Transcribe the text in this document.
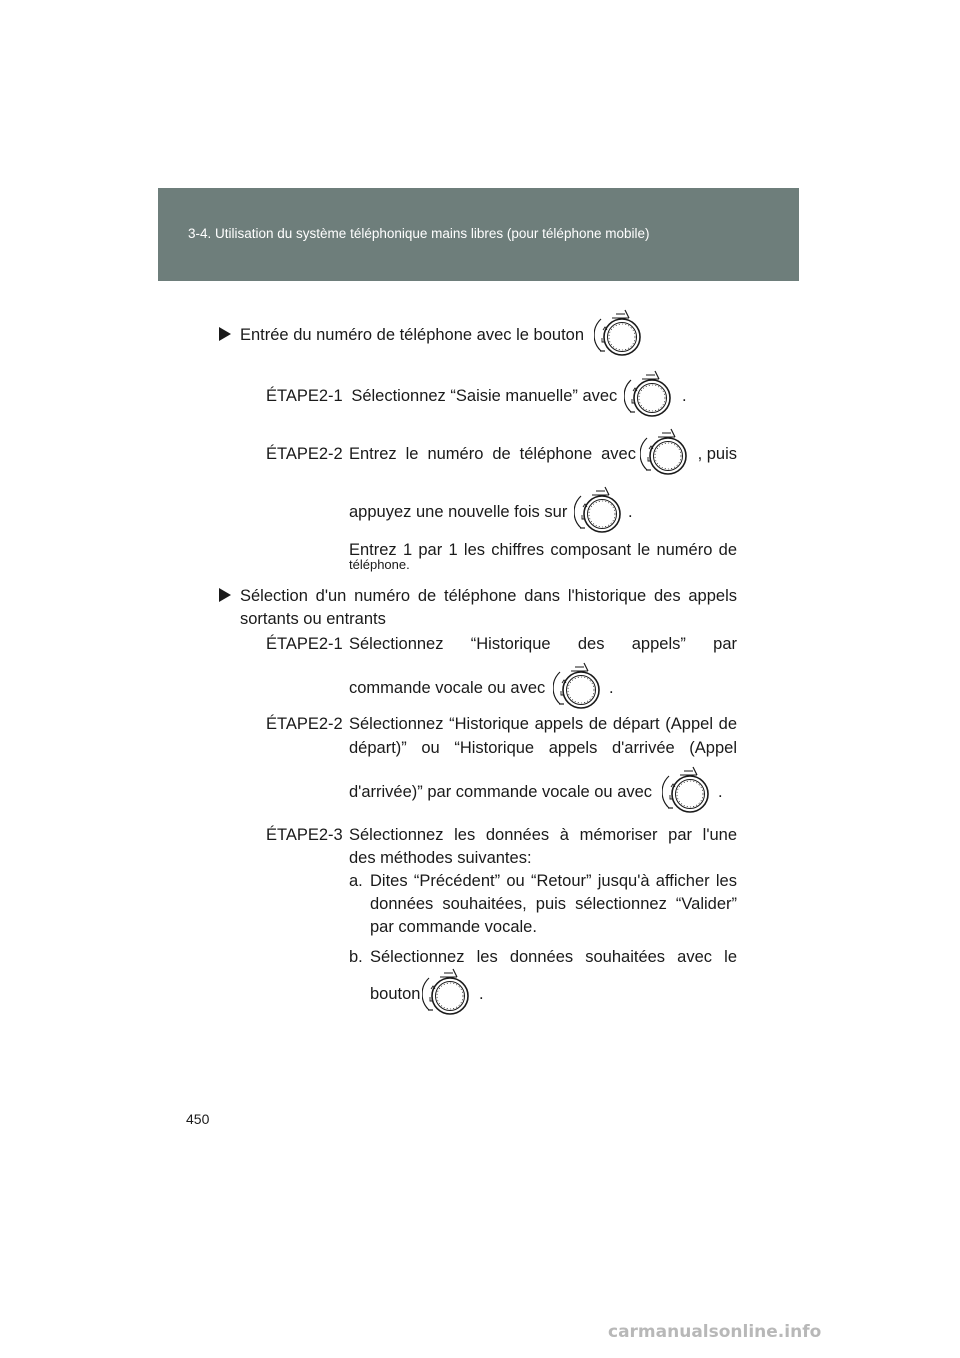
3-4. Utilisation du système téléphonique mains libres (pour téléphone mobile)
Entrée du numéro de téléphone avec le bouton
ÉTAPE2-1 Sélectionnez “Saisie manuelle” avec	.
ÉTAPE2-2 Entrez le numéro de téléphone avec	, puis
appuyez une nouvelle fois sur	.
Entrez 1 par 1 les chiffres composant le numéro de
téléphone.
Sélection d'un numéro de téléphone dans l'historique des appels
sortants ou entrants
ÉTAPE2-1 Sélectionnez “Historique des appels” par
commande vocale ou avec	.
ÉTAPE2-2 Sélectionnez “Historique appels de départ (Appel de
départ)” ou “Historique appels d'arrivée (Appel
d'arrivée)” par commande vocale ou avec	.
ÉTAPE2-3 Sélectionnez les données à mémoriser par l'une
des méthodes suivantes:
a. Dites “Précédent” ou “Retour” jusqu'à afficher les
données souhaitées, puis sélectionnez “Valider”
par commande vocale.
b. Sélectionnez les données souhaitées avec le
bouton	.
450
carmanualsonline.info
